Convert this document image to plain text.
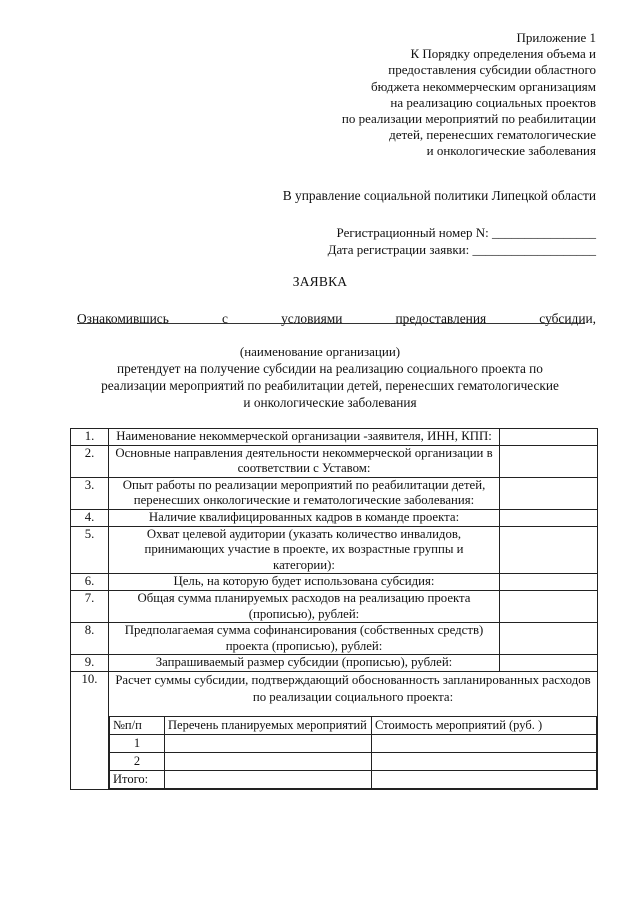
Приложение 1
К Порядку определения объема и
предоставления субсидии областного
бюджета некоммерческим организациям
на реализацию социальных проектов
по реализации мероприятий по реабилитации
детей, перенесших гематологические
и онкологические заболевания
В управление социальной политики Липецкой области
Регистрационный номер N: ________________
Дата регистрации заявки: ___________________
ЗАЯВКА
Ознакомившись	с	условиями	предоставления	субсидии,
(наименование организации)
претендует на получение субсидии на реализацию социального проекта по
реализации мероприятий по реабилитации детей, перенесших гематологические
и онкологические заболевания
1.	Наименование некоммерческой организации -заявителя, ИНН, КПП:	
2.	Основные направления деятельности некоммерческой организации в соответствии с Уставом:	
3.	Опыт работы по реализации мероприятий по реабилитации детей, перенесших онкологические и гематологические заболевания:	
4.	Наличие квалифицированных кадров в команде проекта:	
5.	Охват целевой аудитории (указать количество инвалидов, принимающих участие в проекте, их возрастные группы и категории):	
6.	Цель, на которую будет использована субсидия:	
7.	Общая сумма планируемых расходов на реализацию проекта (прописью), рублей:	
8.	Предполагаемая сумма софинансирования (собственных средств) проекта (прописью), рублей:	
9.	Запрашиваемый размер субсидии (прописью), рублей:	
10.	Расчет суммы субсидии, подтверждающий обоснованность запланированных расходов по реализации социального проекта:
№п/п	Перечень планируемых мероприятий	Стоимость мероприятий (руб. )
1		
2		
Итого:		
